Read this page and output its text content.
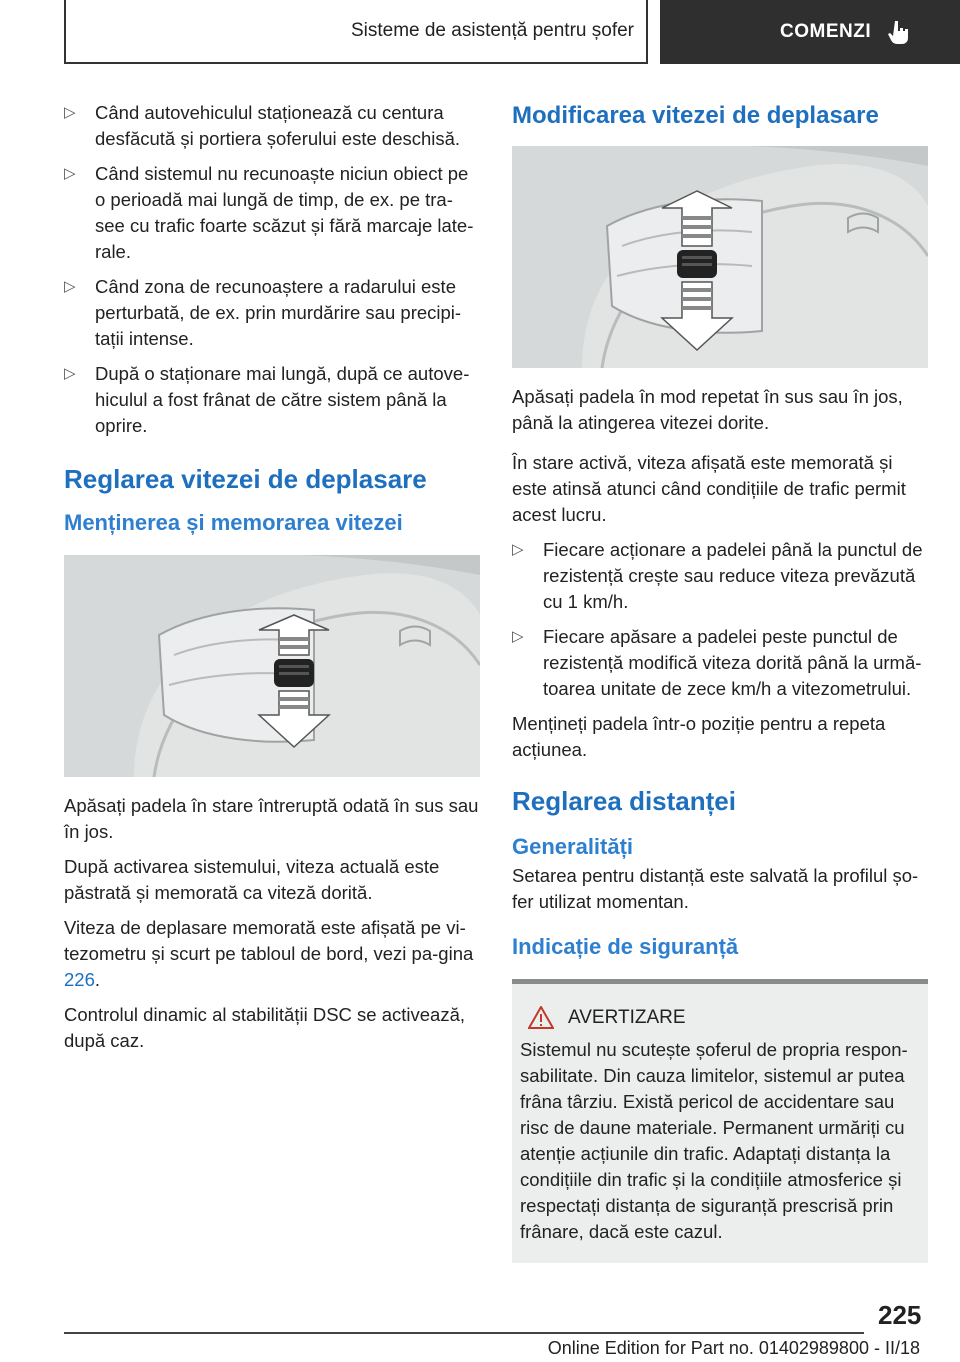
Sisteme de asistență pentru șofer	COMENZI
▷ Când autovehiculul staționează cu centura desfăcută și portiera șoferului este deschisă.
▷ Când sistemul nu recunoaște niciun obiect pe o perioadă mai lungă de timp, de ex. pe tra-see cu trafic foarte scăzut și fără marcaje late-rale.
▷ Când zona de recunoaștere a radarului este perturbată, de ex. prin murdărire sau precipi-tații intense.
▷ După o staționare mai lungă, după ce autove-hiculul a fost frânat de către sistem până la oprire.
Reglarea vitezei de deplasare
Menținerea și memorarea vitezei

Apăsați padela în stare întreruptă odată în sus sau în jos.

După activarea sistemului, viteza actuală este păstrată și memorată ca viteză dorită.

Viteza de deplasare memorată este afișată pe vi-tezometru și scurt pe tabloul de bord, vezi pa-gina 226.

Controlul dinamic al stabilității DSC se activează, după caz.

Modificarea vitezei de deplasare

Apăsați padela în mod repetat în sus sau în jos, până la atingerea vitezei dorite.

În stare activă, viteza afișată este memorată și este atinsă atunci când condițiile de trafic permit acest lucru.

▷ Fiecare acționare a padelei până la punctul de rezistență crește sau reduce viteza prevăzută cu 1 km/h.
▷ Fiecare apăsare a padelei peste punctul de rezistență modifică viteza dorită până la urmă-toarea unitate de zece km/h a vitezometrului.

Mențineți padela într-o poziție pentru a repeta acțiunea.

Reglarea distanței
Generalități

Setarea pentru distanță este salvată la profilul șo-fer utilizat momentan.

Indicație de siguranță
AVERTIZARE

Sistemul nu scutește șoferul de propria respon-sabilitate. Din cauza limitelor, sistemul ar putea frâna târziu. Există pericol de accidentare sau risc de daune materiale. Permanent urmăriți cu atenție acțiunile din trafic. Adaptați distanța la condițiile din trafic și la condițiile atmosferice și respectați distanța de siguranță prescrisă prin frânare, dacă este cazul.

225
Online Edition for Part no. 01402989800 - II/18
